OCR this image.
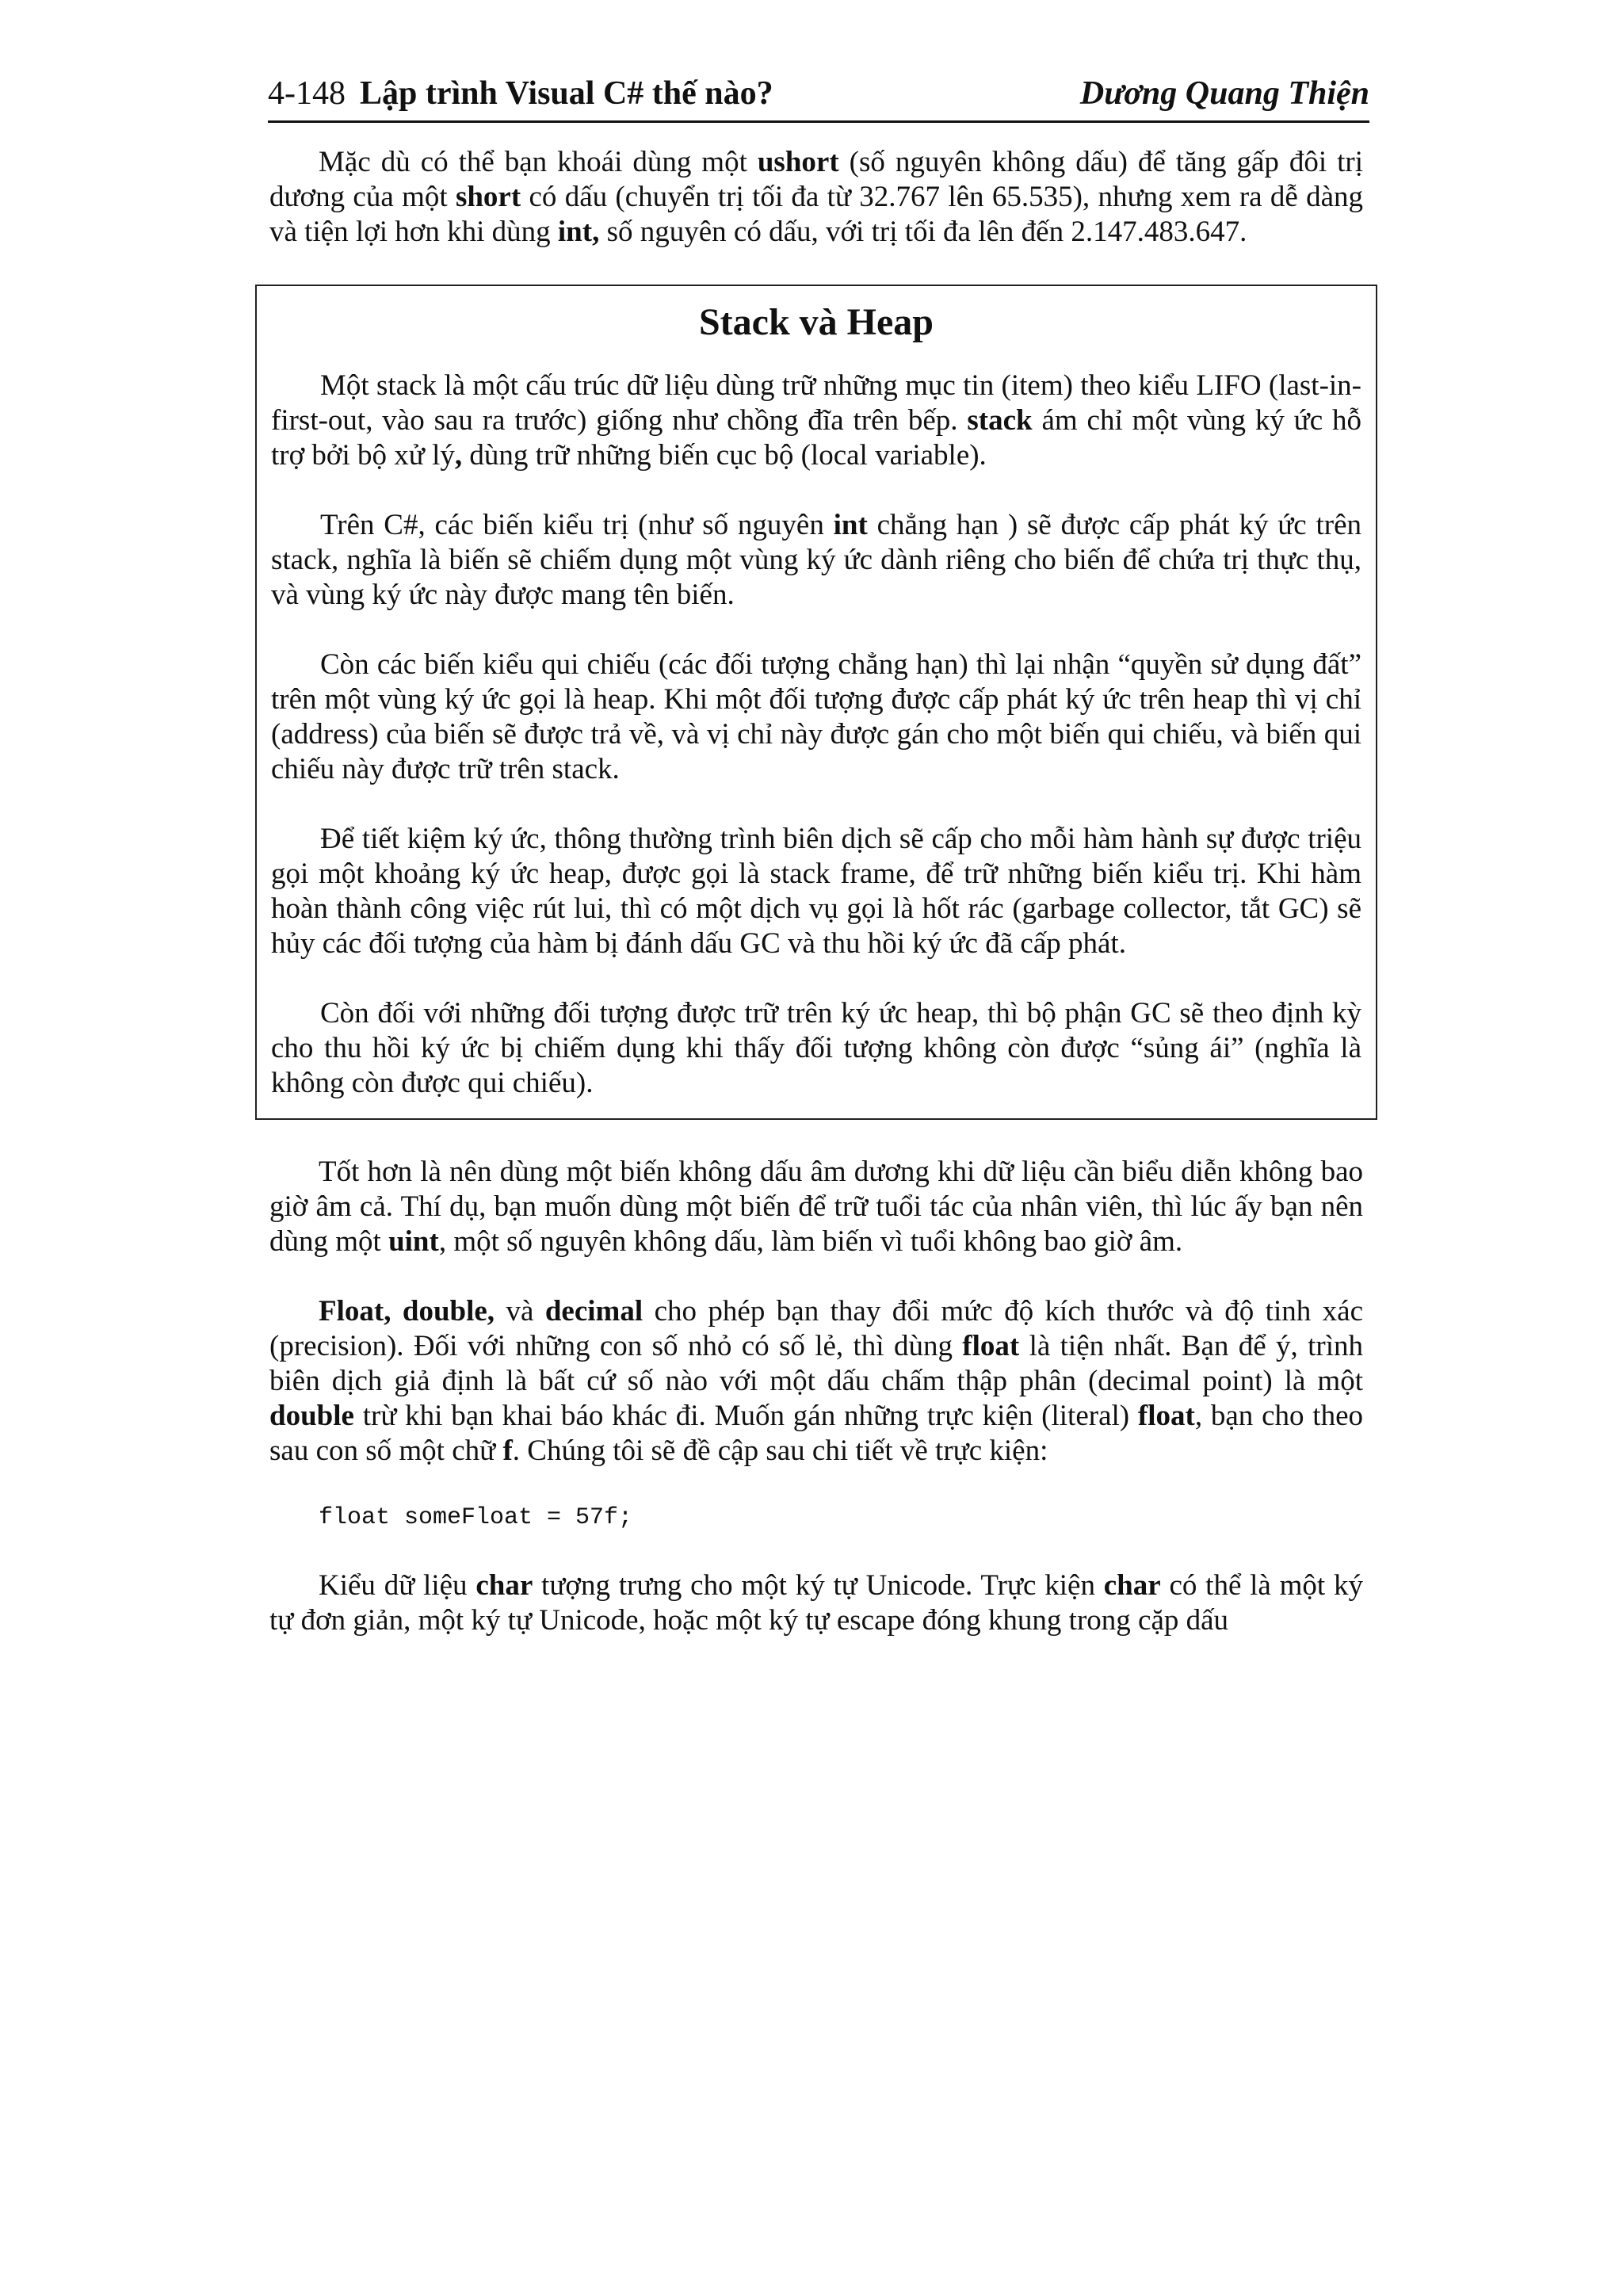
4-148 Lập trình Visual C# thế nào?	Dương Quang Thiện

Mặc dù có thể bạn khoái dùng một ushort (số nguyên không dấu) để tăng gấp đôi trị dương của một short có dấu (chuyển trị tối đa từ 32.767 lên 65.535), nhưng xem ra dễ dàng và tiện lợi hơn khi dùng int, số nguyên có dấu, với trị tối đa lên đến 2.147.483.647.

Stack và Heap

Một stack là một cấu trúc dữ liệu dùng trữ những mục tin (item) theo kiểu LIFO (last-in-first-out, vào sau ra trước) giống như chồng đĩa trên bếp. stack ám chỉ một vùng ký ức hỗ trợ bởi bộ xử lý, dùng trữ những biến cục bộ (local variable).

Trên C#, các biến kiểu trị (như số nguyên int chẳng hạn ) sẽ được cấp phát ký ức trên stack, nghĩa là biến sẽ chiếm dụng một vùng ký ức dành riêng cho biến để chứa trị thực thụ, và vùng ký ức này được mang tên biến.

Còn các biến kiểu qui chiếu (các đối tượng chẳng hạn) thì lại nhận “quyền sử dụng đất” trên một vùng ký ức gọi là heap. Khi một đối tượng được cấp phát ký ức trên heap thì vị chỉ (address) của biến sẽ được trả về, và vị chỉ này được gán cho một biến qui chiếu, và biến qui chiếu này được trữ trên stack.

Để tiết kiệm ký ức, thông thường trình biên dịch sẽ cấp cho mỗi hàm hành sự được triệu gọi một khoảng ký ức heap, được gọi là stack frame, để trữ những biến kiểu trị. Khi hàm hoàn thành công việc rút lui, thì có một dịch vụ gọi là hốt rác (garbage collector, tắt GC) sẽ hủy các đối tượng của hàm bị đánh dấu GC và thu hồi ký ức đã cấp phát.

Còn đối với những đối tượng được trữ trên ký ức heap, thì bộ phận GC sẽ theo định kỳ cho thu hồi ký ức bị chiếm dụng khi thấy đối tượng không còn được “sủng ái” (nghĩa là không còn được qui chiếu).

Tốt hơn là nên dùng một biến không dấu âm dương khi dữ liệu cần biểu diễn không bao giờ âm cả. Thí dụ, bạn muốn dùng một biến để trữ tuổi tác của nhân viên, thì lúc ấy bạn nên dùng một uint, một số nguyên không dấu, làm biến vì tuổi không bao giờ âm.

Float, double, và decimal cho phép bạn thay đổi mức độ kích thước và độ tinh xác (precision). Đối với những con số nhỏ có số lẻ, thì dùng float là tiện nhất. Bạn để ý, trình biên dịch giả định là bất cứ số nào với một dấu chấm thập phân (decimal point) là một double trừ khi bạn khai báo khác đi. Muốn gán những trực kiện (literal) float, bạn cho theo sau con số một chữ f. Chúng tôi sẽ đề cập sau chi tiết về trực kiện:

float someFloat = 57f;

Kiểu dữ liệu char tượng trưng cho một ký tự Unicode. Trực kiện char có thể là một ký tự đơn giản, một ký tự Unicode, hoặc một ký tự escape đóng khung trong cặp dấu
